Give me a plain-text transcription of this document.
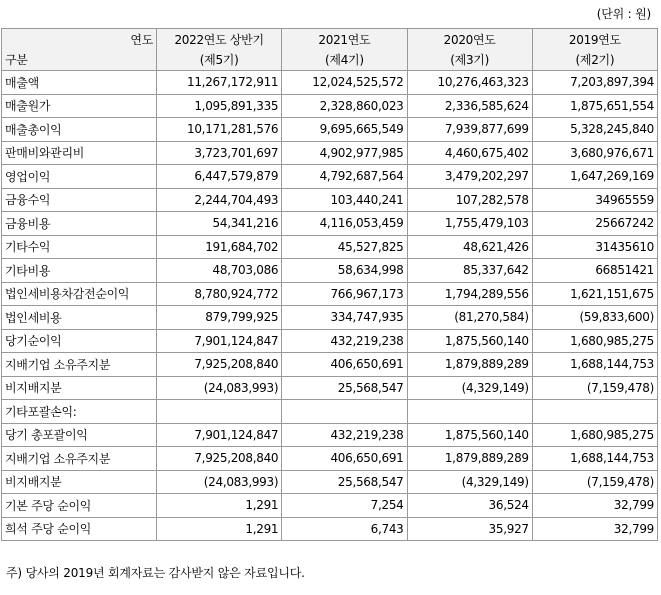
(단위 : 원)
연도	2022연도 상반기	2021연도	2020연도	2019연도
구분	(제5기)	(제4기)	(제3기)	(제2기)
매출액	11,267,172,911	12,024,525,572	10,276,463,323	7,203,897,394
매출원가	1,095,891,335	2,328,860,023	2,336,585,624	1,875,651,554
매출총이익	10,171,281,576	9,695,665,549	7,939,877,699	5,328,245,840
판매비와관리비	3,723,701,697	4,902,977,985	4,460,675,402	3,680,976,671
영업이익	6,447,579,879	4,792,687,564	3,479,202,297	1,647,269,169
금융수익	2,244,704,493	103,440,241	107,282,578	34965559
금융비용	54,341,216	4,116,053,459	1,755,479,103	25667242
기타수익	191,684,702	45,527,825	48,621,426	31435610
기타비용	48,703,086	58,634,998	85,337,642	66851421
법인세비용차감전순이익	8,780,924,772	766,967,173	1,794,289,556	1,621,151,675
법인세비용	879,799,925	334,747,935	(81,270,584)	(59,833,600)
당기순이익	7,901,124,847	432,219,238	1,875,560,140	1,680,985,275
지배기업 소유주지분	7,925,208,840	406,650,691	1,879,889,289	1,688,144,753
비지배지분	(24,083,993)	25,568,547	(4,329,149)	(7,159,478)
기타포괄손익:				
당기 총포괄이익	7,901,124,847	432,219,238	1,875,560,140	1,680,985,275
지배기업 소유주지분	7,925,208,840	406,650,691	1,879,889,289	1,688,144,753
비지배지분	(24,083,993)	25,568,547	(4,329,149)	(7,159,478)
기본 주당 순이익	1,291	7,254	36,524	32,799
희석 주당 순이익	1,291	6,743	35,927	32,799
주) 당사의 2019년 회계자료는 감사받지 않은 자료입니다.
